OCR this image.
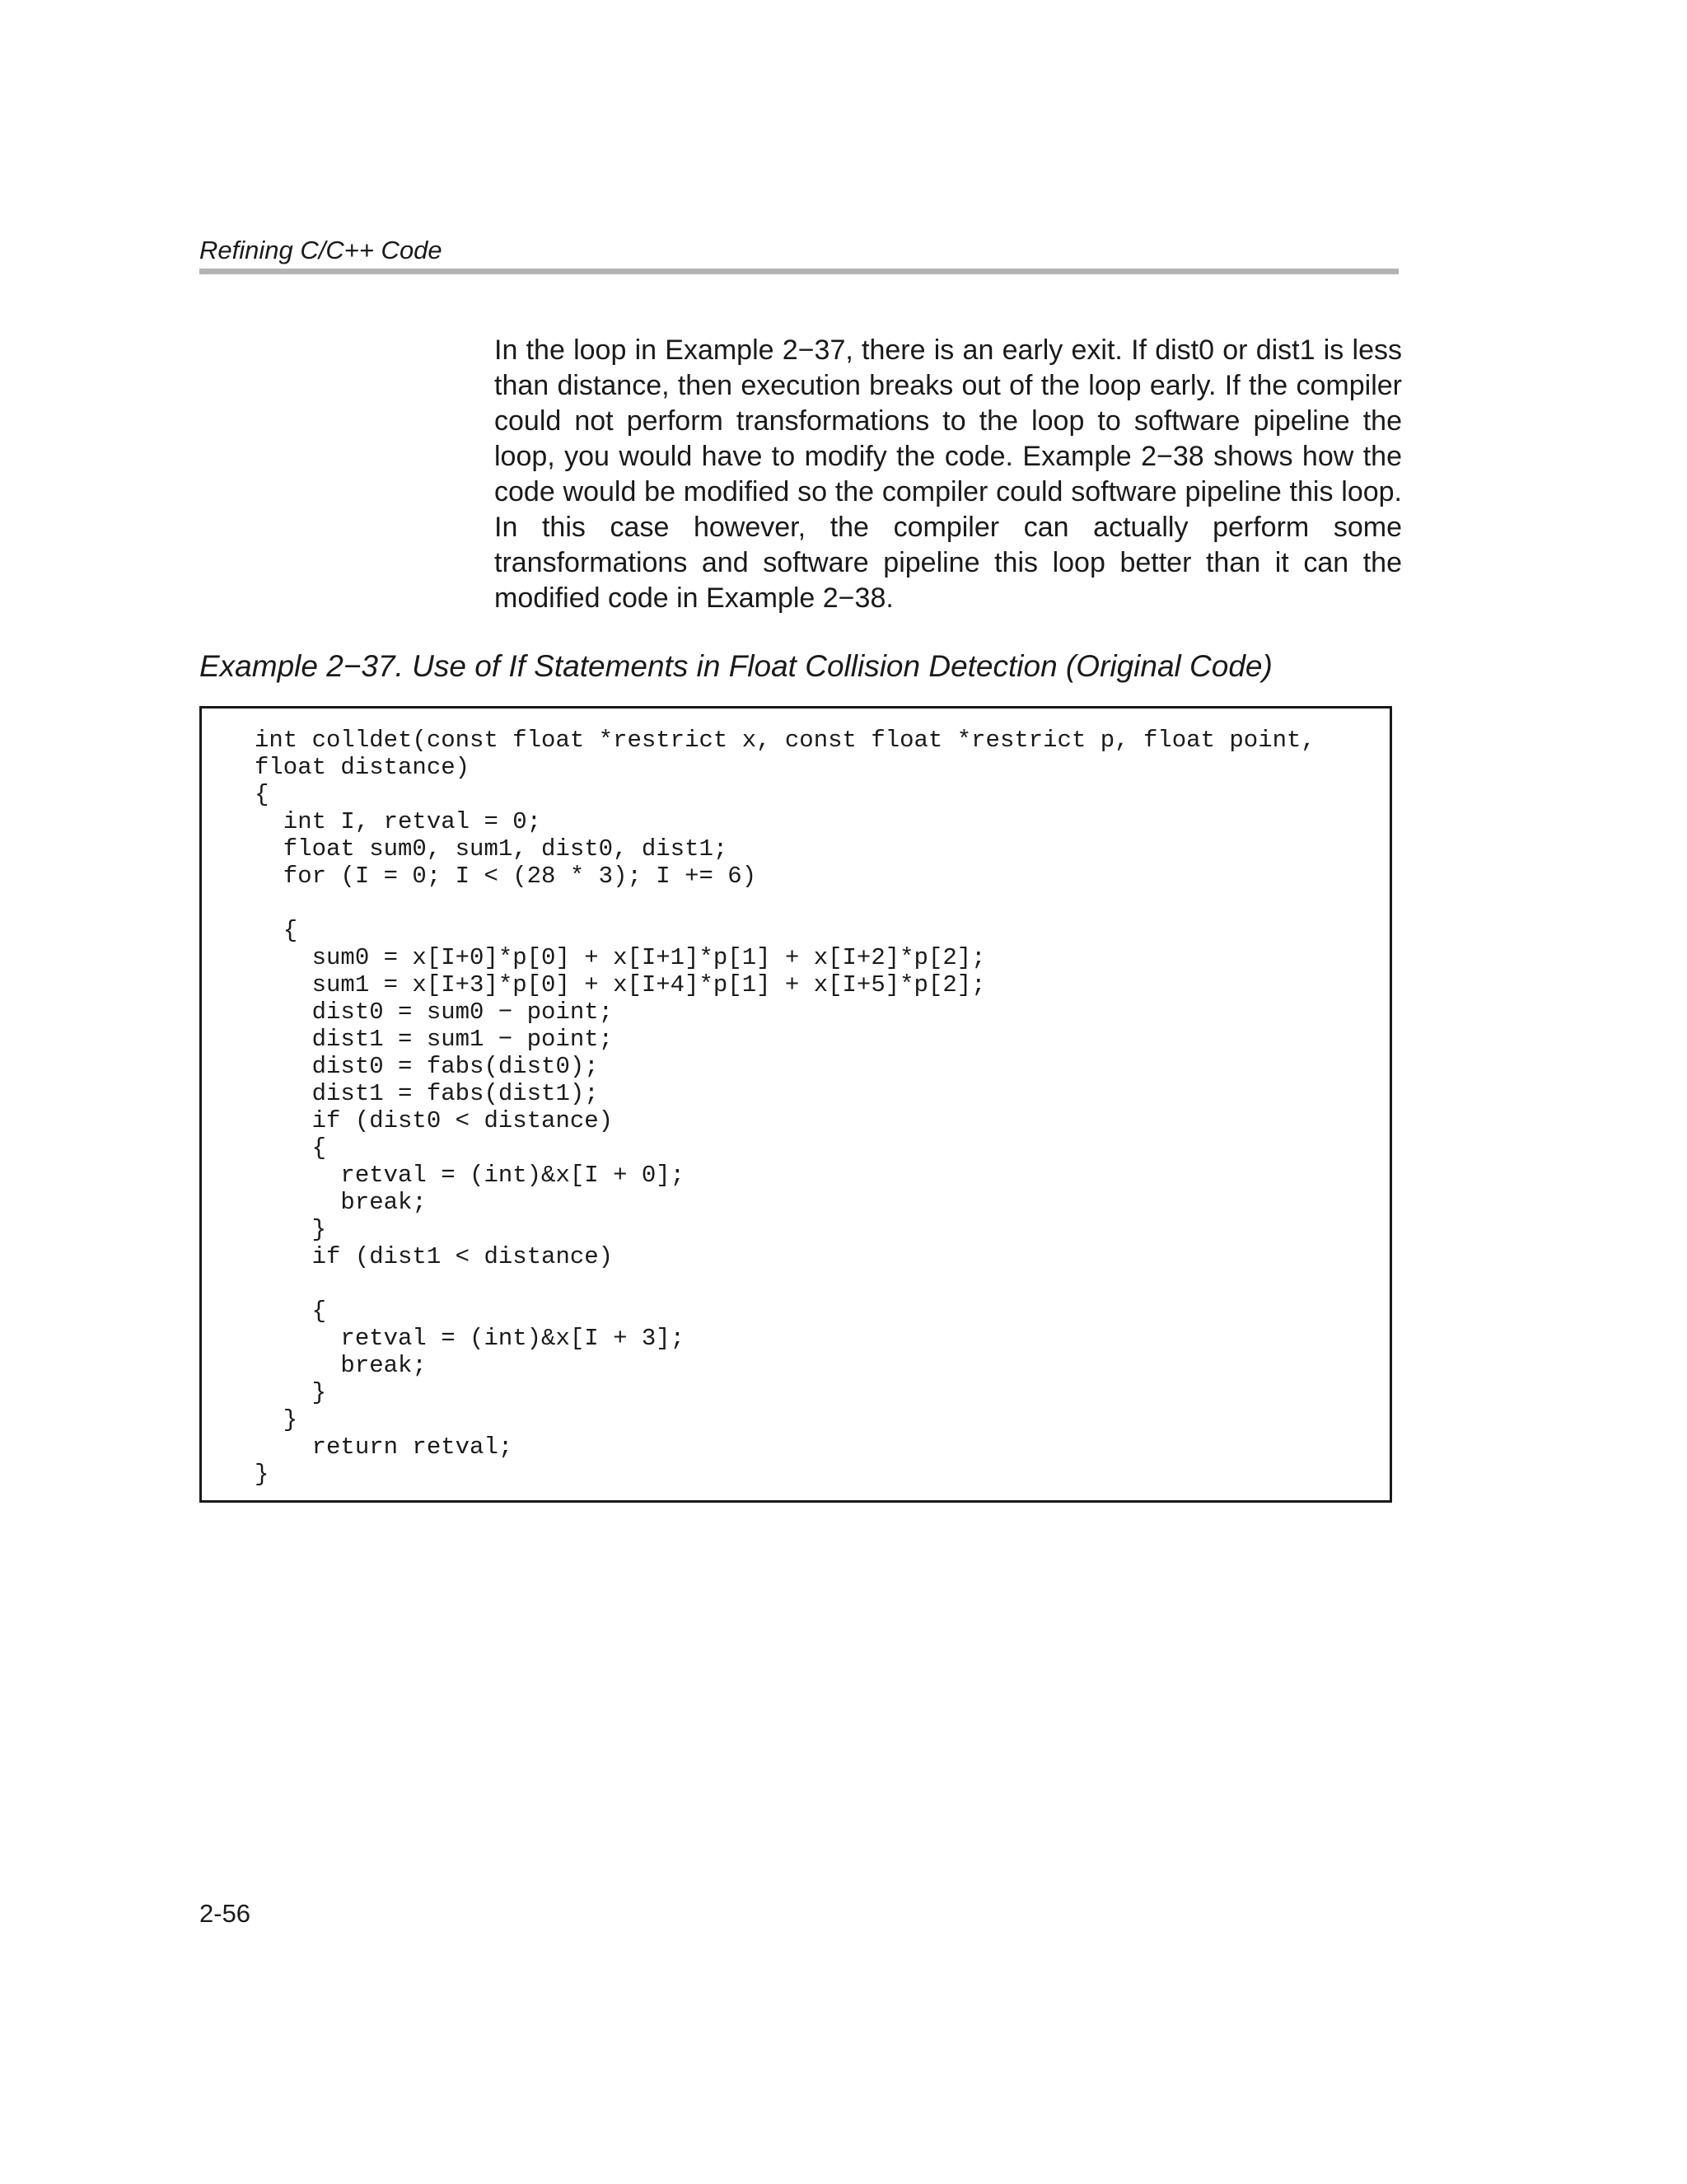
Refining C/C++ Code

In the loop in Example 2−37, there is an early exit. If dist0 or dist1 is less than distance, then execution breaks out of the loop early. If the compiler could not perform transformations to the loop to software pipeline the loop, you would have to modify the code. Example 2−38 shows how the code would be modified so the compiler could software pipeline this loop. In this case however, the compiler can actually perform some transformations and software pipeline this loop better than it can the modified code in Example 2−38.

Example 2−37. Use of If Statements in Float Collision Detection (Original Code)
int colldet(const float *restrict x, const float *restrict p, float point,
float distance)
{
int I, retval = 0;
float sum0, sum1, dist0, dist1;
for (I = 0; I < (28 * 3); I += 6)

{
sum0 = x[I+0]*p[0] + x[I+1]*p[1] + x[I+2]*p[2];
sum1 = x[I+3]*p[0] + x[I+4]*p[1] + x[I+5]*p[2];
dist0 = sum0 − point;
dist1 = sum1 − point;
dist0 = fabs(dist0);
dist1 = fabs(dist1);
if (dist0 < distance)
{
retval = (int)&x[I + 0];
break;
}
if (dist1 < distance)

{
retval = (int)&x[I + 3];
break;
}
}
return retval;
}
2-56
